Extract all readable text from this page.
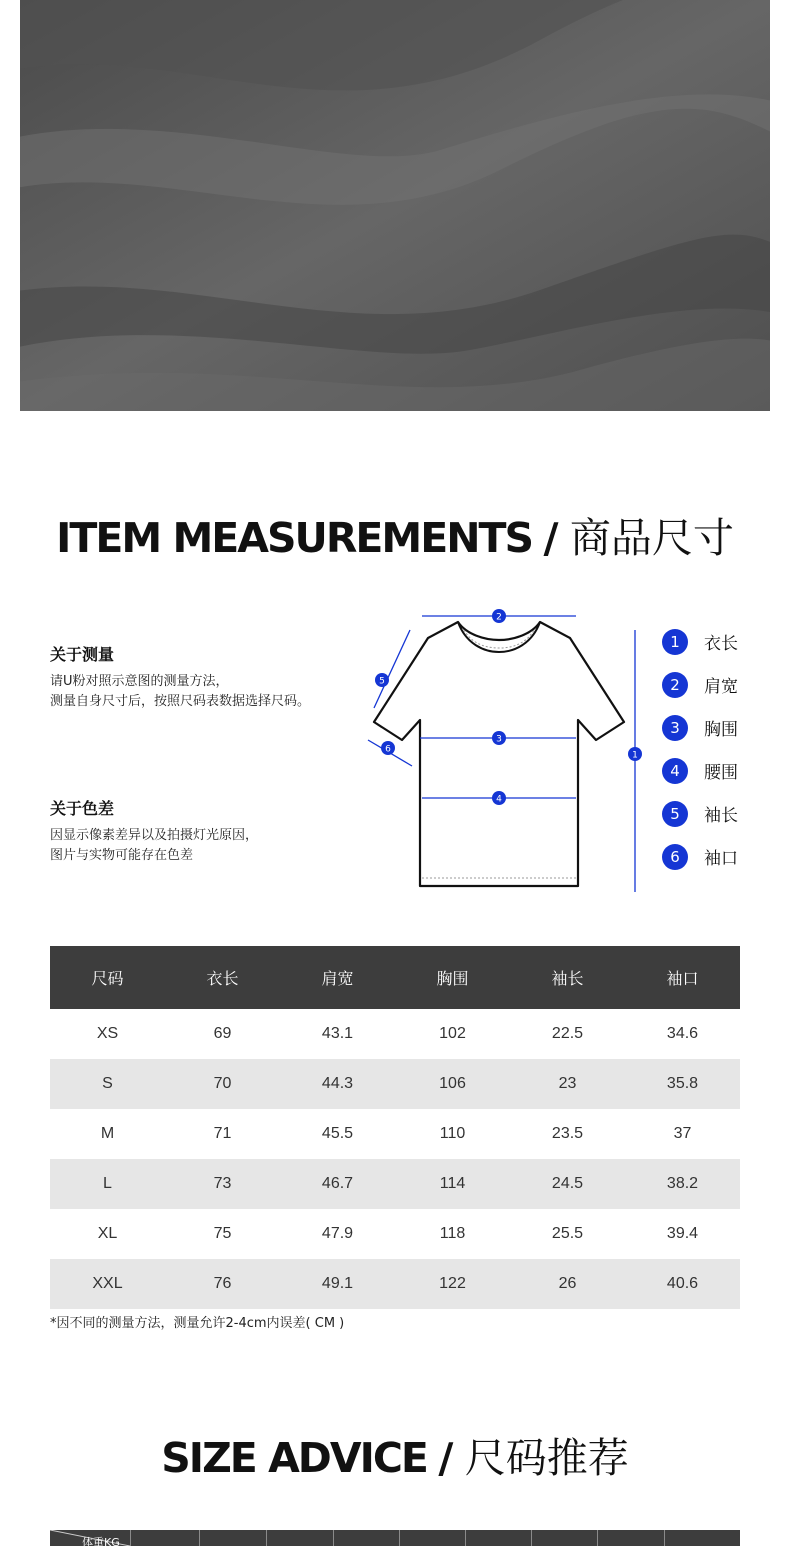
ITEM MEASUREMENTS / 商品尺寸
关于测量
请U粉对照示意图的测量方法，
测量自身尺寸后，按照尺码表数据选择尺码。
关于色差
因显示像素差异以及拍摄灯光原因，
图片与实物可能存在色差
2
3
4
1
5
6
1	衣长
2	肩宽
3	胸围
4	腰围
5	袖长
6	袖口
尺码	衣长	肩宽	胸围	袖长	袖口
XS	69	43.1	102	22.5	34.6
S	70	44.3	106	23	35.8
M	71	45.5	110	23.5	37
L	73	46.7	114	24.5	38.2
XL	75	47.9	118	25.5	39.4
XXL	76	49.1	122	26	40.6
*因不同的测量方法，测量允许2-4cm内误差( CM )
SIZE ADVICE / 尺码推荐
体重KG
